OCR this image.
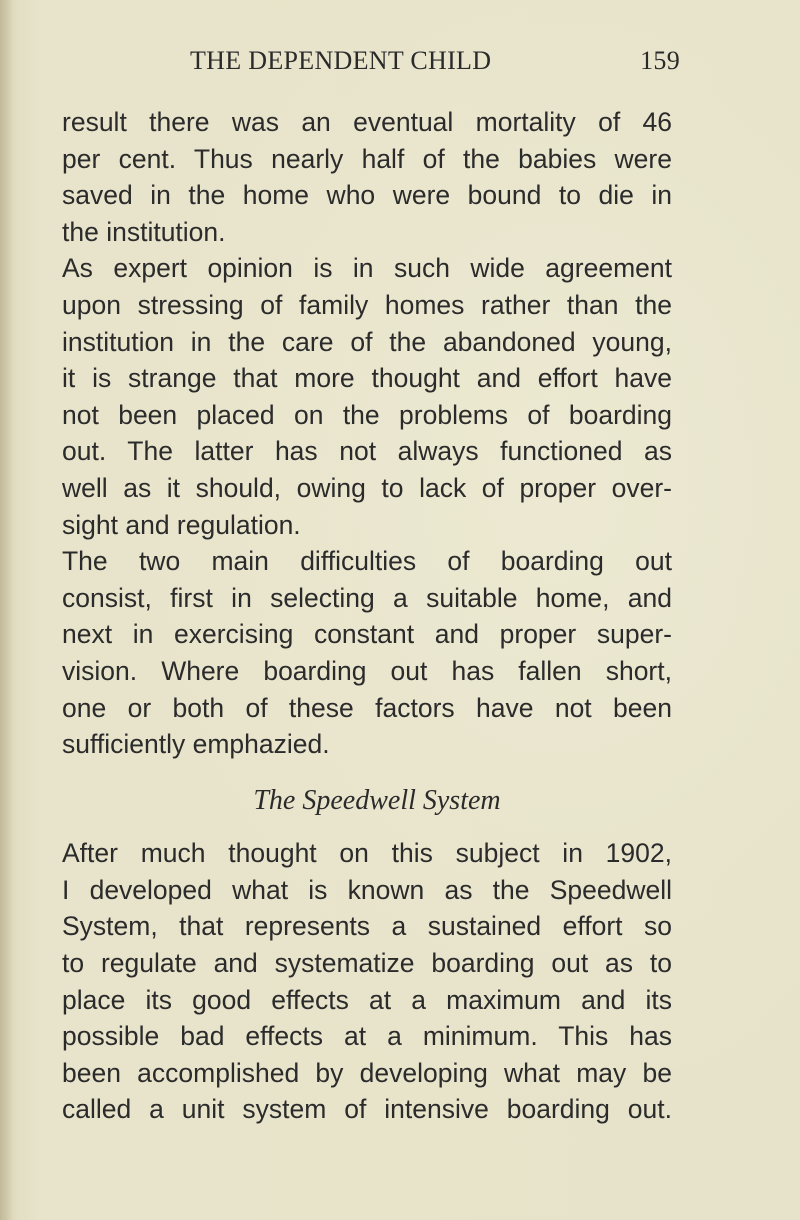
THE DEPENDENT CHILD	159
result there was an eventual mortality of 46
per cent. Thus nearly half of the babies were
saved in the home who were bound to die in
the institution.
As expert opinion is in such wide agreement
upon stressing of family homes rather than the
institution in the care of the abandoned young,
it is strange that more thought and effort have
not been placed on the problems of boarding
out. The latter has not always functioned as
well as it should, owing to lack of proper over-
sight and regulation.
The two main difficulties of boarding out
consist, first in selecting a suitable home, and
next in exercising constant and proper super-
vision. Where boarding out has fallen short,
one or both of these factors have not been
sufficiently emphazied.
The Speedwell System
After much thought on this subject in 1902,
I developed what is known as the Speedwell
System, that represents a sustained effort so
to regulate and systematize boarding out as to
place its good effects at a maximum and its
possible bad effects at a minimum. This has
been accomplished by developing what may be
called a unit system of intensive boarding out.
